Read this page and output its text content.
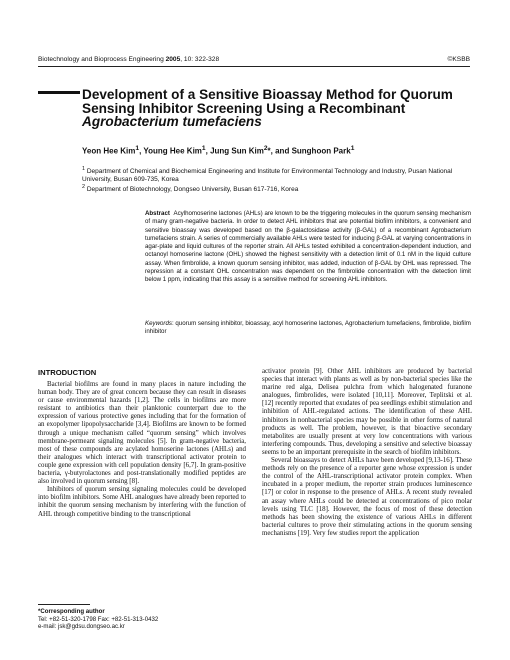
Biotechnology and Bioprocess Engineering 2005, 10: 322-328	©KSBB
Development of a Sensitive Bioassay Method for Quorum
Sensing Inhibitor Screening Using a Recombinant
Agrobacterium tumefaciens
Yeon Hee Kim$^1$, Young Hee Kim$^1$, Jung Sun Kim$^2$*, and Sunghoon Park$^1$
$^1$ Department of Chemical and Biochemical Engineering and Institute for Environmental Technology and Industry, Pusan National University, Busan 609-735, Korea
$^2$ Department of Biotechnology, Dongseo University, Busan 617-716, Korea
Abstract Acylhomoserine lactones (AHLs) are known to be the triggering molecules in the quorum sensing mechanism of many gram-negative bacteria. In order to detect AHL inhibitors that are potential biofilm inhibitors, a convenient and sensitive bioassay was developed based on the β-galactosidase activity (β-GAL) of a recombinant Agrobacterium tumefaciens strain. A series of commercially available AHLs were tested for inducing β-GAL at varying concentrations in agar-plate and liquid cultures of the reporter strain. All AHLs tested exhibited a concentration-dependent induction, and octanoyl homoserine lactone (OHL) showed the highest sensitivity with a detection limit of 0.1 nM in the liquid culture assay. When fimbrolide, a known quorum sensing inhibitor, was added, induction of β-GAL by OHL was repressed. The repression at a constant OHL concentration was dependent on the fimbrolide concentration with the detection limit below 1 ppm, indicating that this assay is a sensitive method for screening AHL inhibitors.
Keywords: quorum sensing inhibitor, bioassay, acyl homoserine lactones, Agrobacterium tumefaciens, fimbrolide, biofilm inhibitor
INTRODUCTION

Bacterial biofilms are found in many places in nature including the human body. They are of great concern because they can result in diseases or cause environmental hazards [1,2]. The cells in biofilms are more resistant to antibiotics than their planktonic counterpart due to the expression of various protective genes including that for the formation of an exopolymer lipopolysaccharide [3,4]. Biofilms are known to be formed through a unique mechanism called “quorum sensing” which involves membrane-permeant signaling molecules [5]. In gram-negative bacteria, most of these compounds are acylated homoserine lactones (AHLs) and their analogues which interact with transcriptional activator protein to couple gene expression with cell population density [6,7]. In gram-positive bacteria, γ-butyrolactones and post-translationally modified peptides are also involved in quorum sensing [8].

Inhibitors of quorum sensing signaling molecules could be developed into biofilm inhibitors. Some AHL analogues have already been reported to inhibit the quorum sensing mechanism by interfering with the function of AHL through competitive binding to the transcriptional

activator protein [9]. Other AHL inhibitors are produced by bacterial species that interact with plants as well as by non-bacterial species like the marine red alga, Delisea pulchra from which halogenated furanone analogues, fimbrolides, were isolated [10,11]. Moreover, Teplitski et al. [12] recently reported that exudates of pea seedlings exhibit stimulation and inhibition of AHL-regulated actions. The identification of these AHL inhibitors in nonbacterial species may be possible in other forms of natural products as well. The problem, however, is that bioactive secondary metabolites are usually present at very low concentrations with various interfering compounds. Thus, developing a sensitive and selective bioassay seems to be an important prerequisite in the search of biofilm inhibitors.

Several bioassays to detect AHLs have been developed [9,13-16]. These methods rely on the presence of a reporter gene whose expression is under the control of the AHL-transcriptional activator protein complex. When incubated in a proper medium, the reporter strain produces luminescence [17] or color in response to the presence of AHLs. A recent study revealed an assay where AHLs could be detected at concentrations of pico molar levels using TLC [18]. However, the focus of most of these detection methods has been showing the existence of various AHLs in different bacterial cultures to prove their stimulating actions in the quorum sensing mechanisms [19]. Very few studies report the application

*Corresponding author
Tel: +82-51-320-1798 Fax: +82-51-313-0432
e-mail: jsk@gdsu.dongseo.ac.kr
